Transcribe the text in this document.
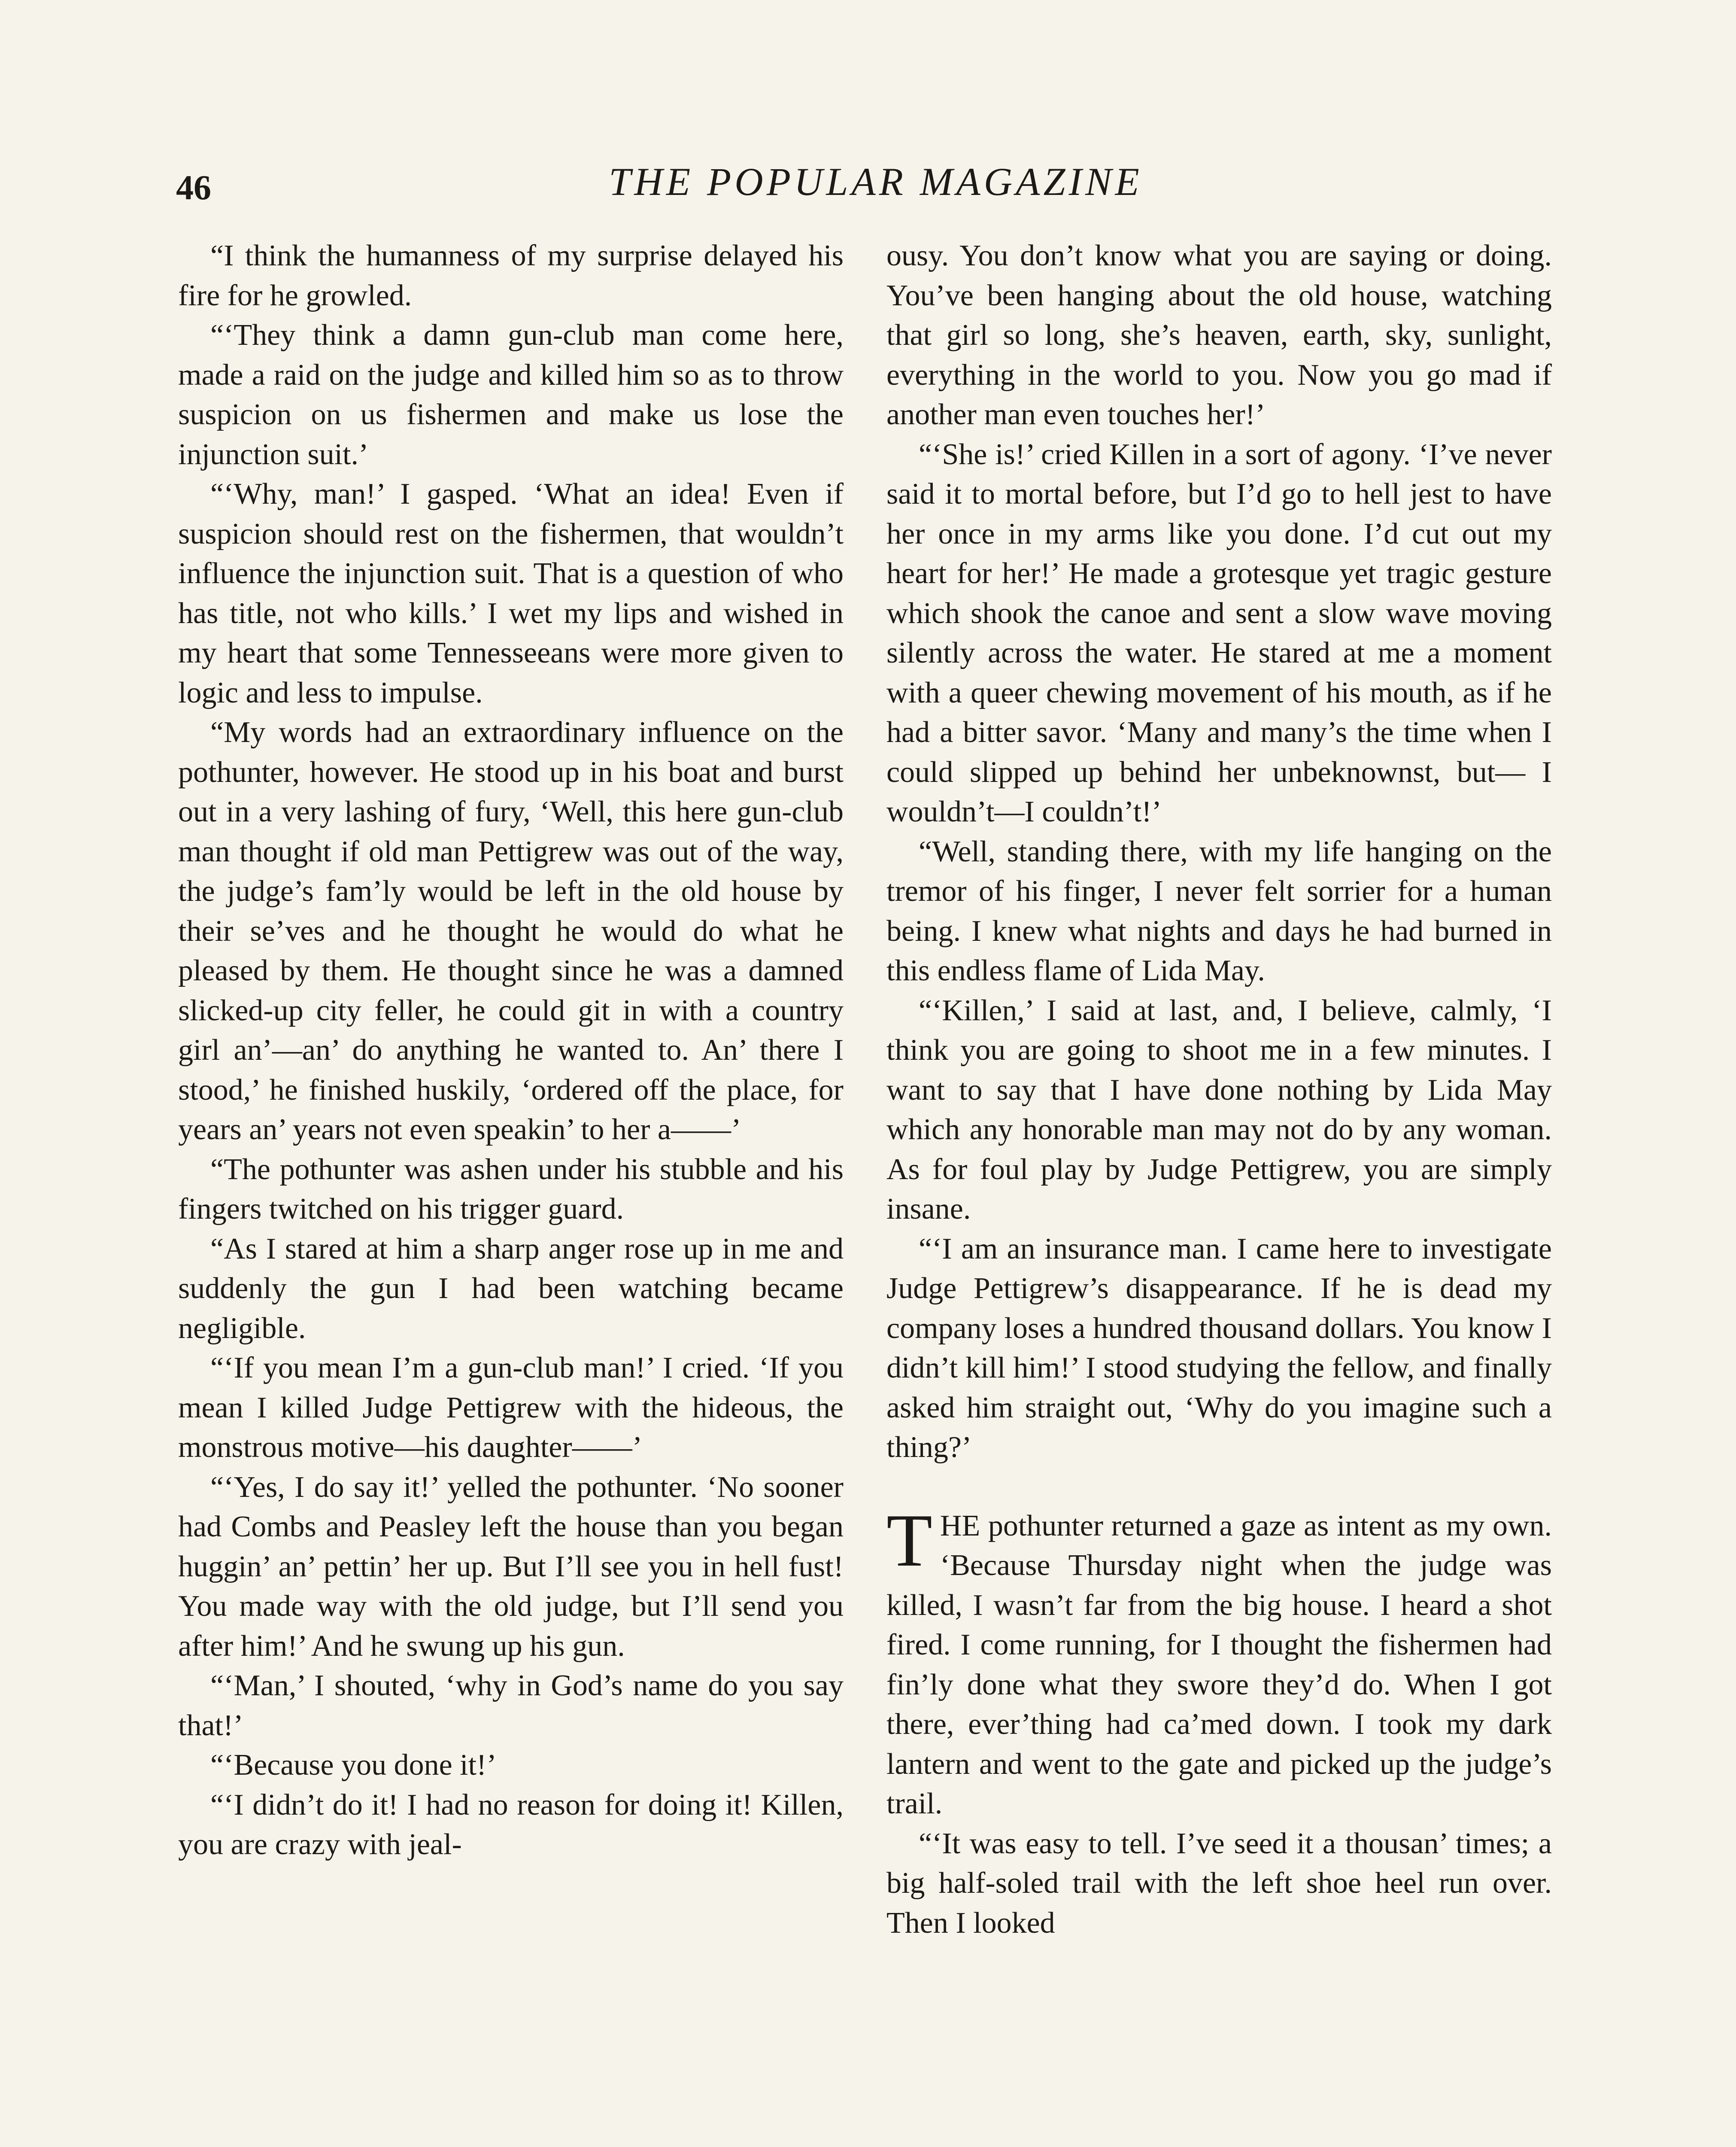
46	THE POPULAR MAGAZINE

“I think the humanness of my surprise delayed his fire for he growled.

“‘They think a damn gun-club man come here, made a raid on the judge and killed him so as to throw suspicion on us fishermen and make us lose the injunction suit.’

“‘Why, man!’ I gasped. ‘What an idea! Even if suspicion should rest on the fishermen, that wouldn’t influence the injunction suit. That is a question of who has title, not who kills.’ I wet my lips and wished in my heart that some Tennesseeans were more given to logic and less to impulse.

“My words had an extraordinary influence on the pothunter, however. He stood up in his boat and burst out in a very lashing of fury, ‘Well, this here gun-club man thought if old man Pettigrew was out of the way, the judge’s fam’ly would be left in the old house by their se’ves and he thought he would do what he pleased by them. He thought since he was a damned slicked-up city feller, he could git in with a country girl an’—an’ do anything he wanted to. An’ there I stood,’ he finished huskily, ‘ordered off the place, for years an’ years not even speakin’ to her a——’

“The pothunter was ashen under his stubble and his fingers twitched on his trigger guard.

“As I stared at him a sharp anger rose up in me and suddenly the gun I had been watching became negligible.

“‘If you mean I’m a gun-club man!’ I cried. ‘If you mean I killed Judge Pettigrew with the hideous, the monstrous motive—his daughter——’

“‘Yes, I do say it!’ yelled the pothunter. ‘No sooner had Combs and Peasley left the house than you began huggin’ an’ pettin’ her up. But I’ll see you in hell fust! You made way with the old judge, but I’ll send you after him!’ And he swung up his gun.

“‘Man,’ I shouted, ‘why in God’s name do you say that!’

“‘Because you done it!’

“‘I didn’t do it! I had no reason for doing it! Killen, you are crazy with jeal-

ousy. You don’t know what you are saying or doing. You’ve been hanging about the old house, watching that girl so long, she’s heaven, earth, sky, sunlight, everything in the world to you. Now you go mad if another man even touches her!’

“‘She is!’ cried Killen in a sort of agony. ‘I’ve never said it to mortal before, but I’d go to hell jest to have her once in my arms like you done. I’d cut out my heart for her!’ He made a grotesque yet tragic gesture which shook the canoe and sent a slow wave moving silently across the water. He stared at me a moment with a queer chewing movement of his mouth, as if he had a bitter savor. ‘Many and many’s the time when I could slipped up behind her unbeknownst, but— I wouldn’t—I couldn’t!’

“Well, standing there, with my life hanging on the tremor of his finger, I never felt sorrier for a human being. I knew what nights and days he had burned in this endless flame of Lida May.

“‘Killen,’ I said at last, and, I believe, calmly, ‘I think you are going to shoot me in a few minutes. I want to say that I have done nothing by Lida May which any honorable man may not do by any woman. As for foul play by Judge Pettigrew, you are simply insane.

“‘I am an insurance man. I came here to investigate Judge Pettigrew’s disappearance. If he is dead my company loses a hundred thousand dollars. You know I didn’t kill him!’ I stood studying the fellow, and finally asked him straight out, ‘Why do you imagine such a thing?’

THE pothunter returned a gaze as intent as my own. ‘Because Thursday night when the judge was killed, I wasn’t far from the big house. I heard a shot fired. I come running, for I thought the fishermen had fin’ly done what they swore they’d do. When I got there, ever’thing had ca’med down. I took my dark lantern and went to the gate and picked up the judge’s trail.

“‘It was easy to tell. I’ve seed it a thousan’ times; a big half-soled trail with the left shoe heel run over. Then I looked
